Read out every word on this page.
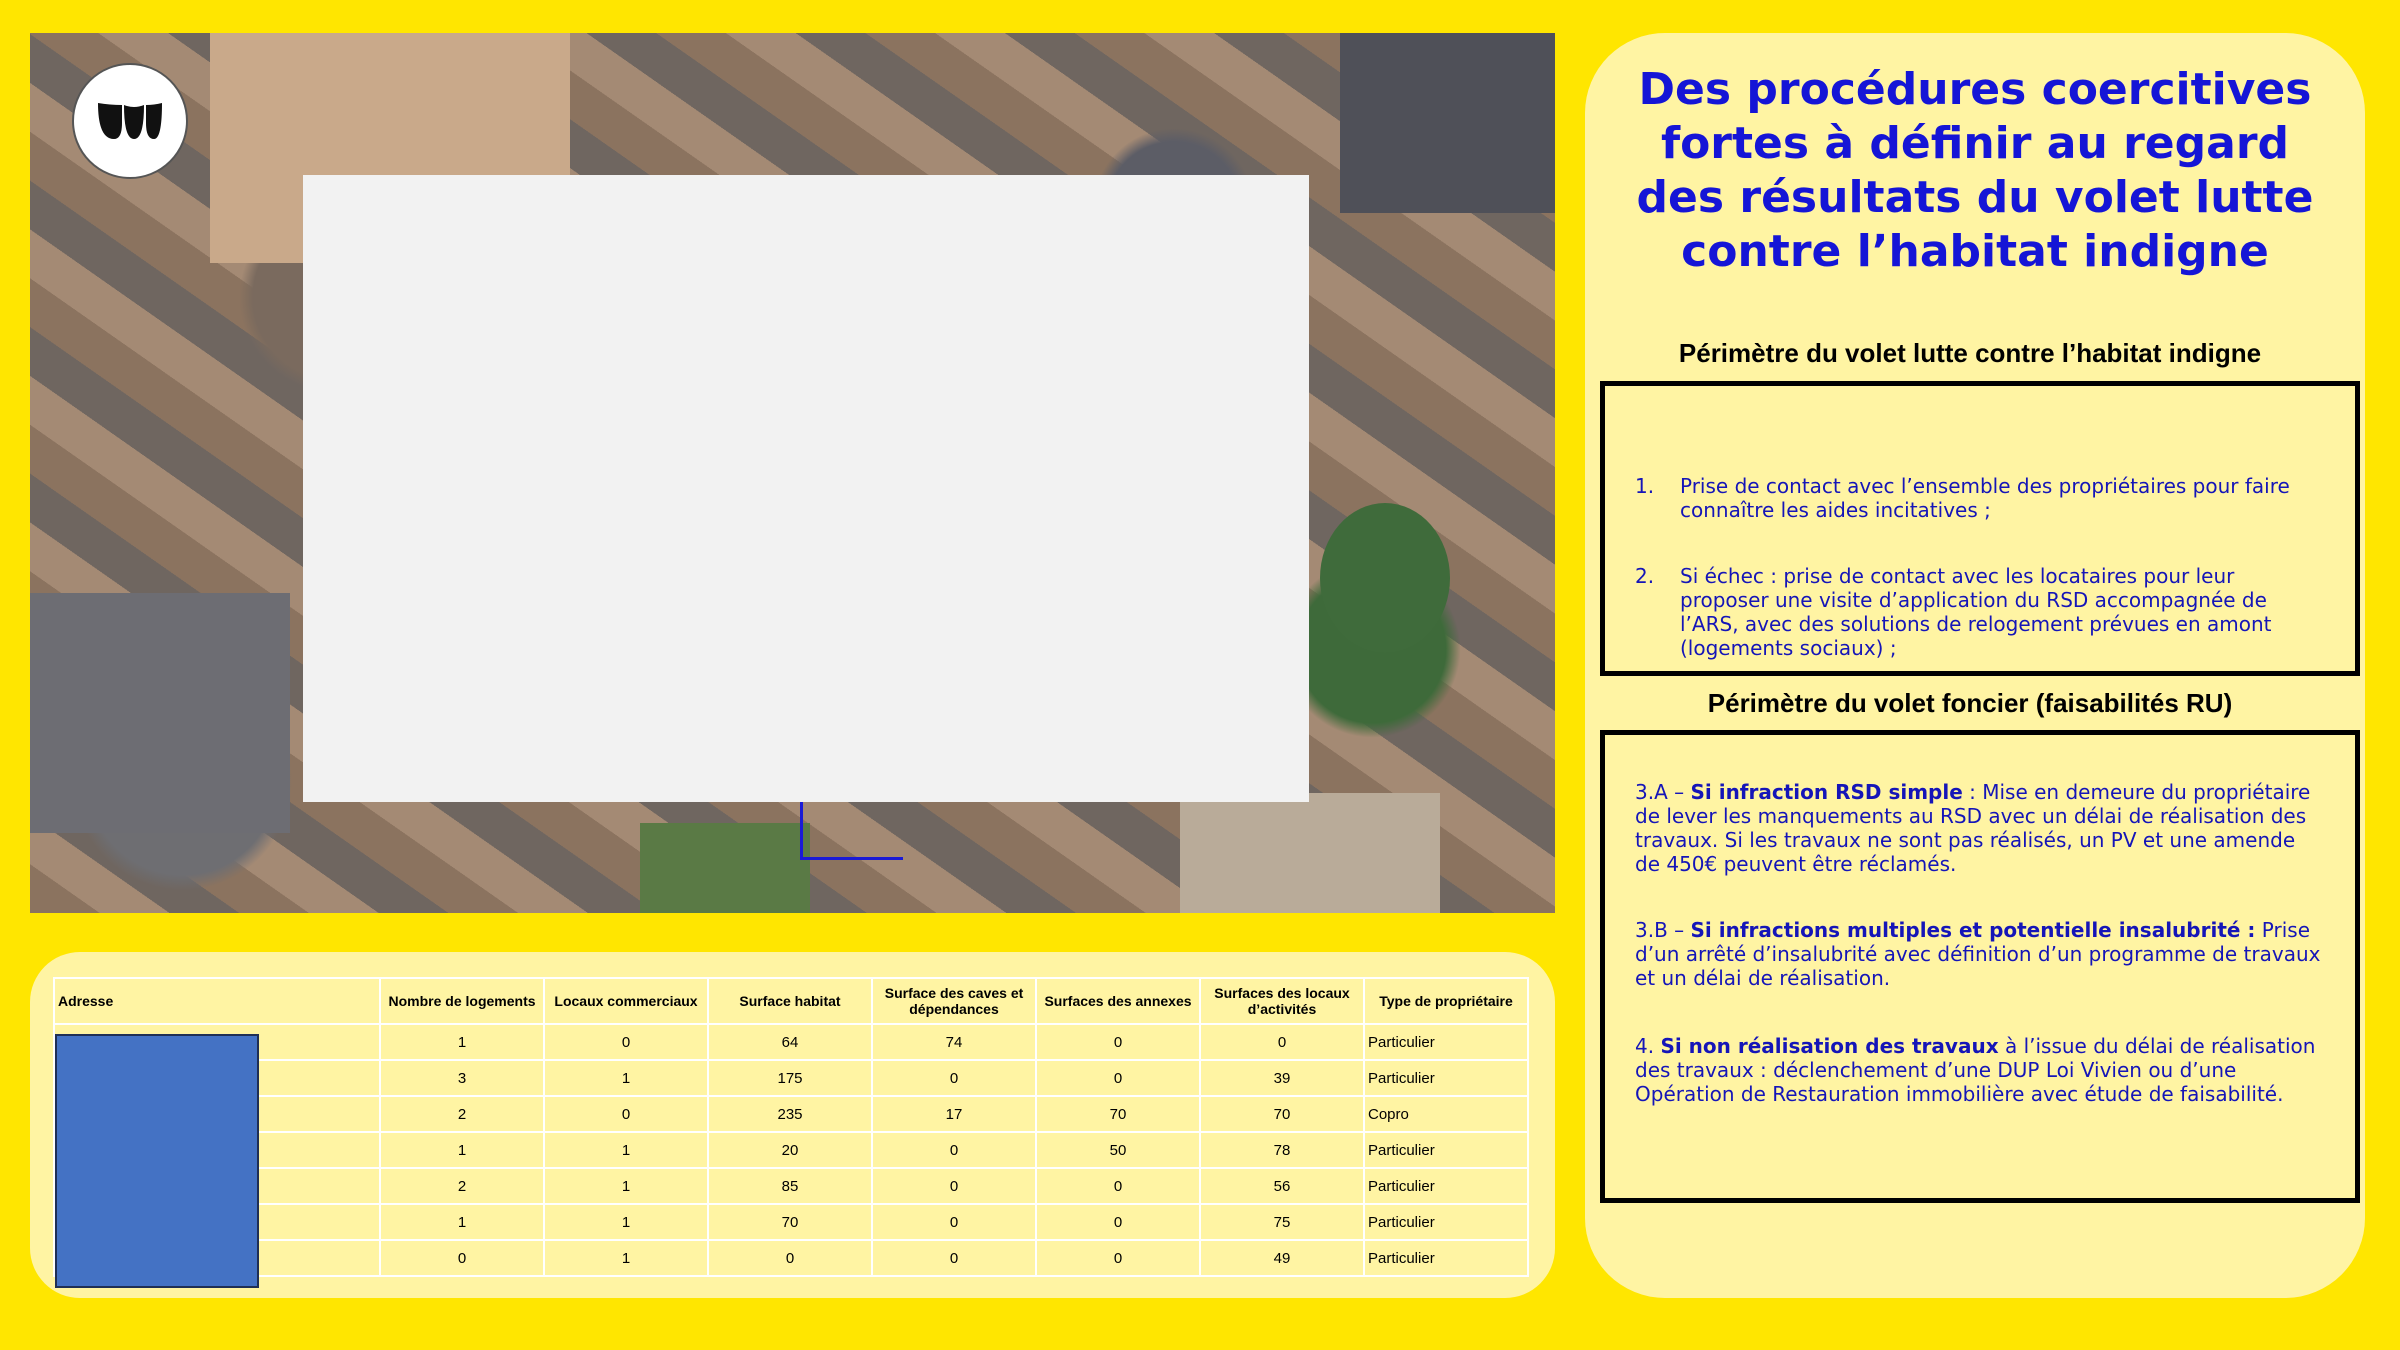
Adresse	Nombre de logements	Locaux commerciaux	Surface habitat	Surface des caves et dépendances	Surfaces des annexes	Surfaces des locaux d’activités	Type de propriétaire
	1	0	64	74	0	0	Particulier
	3	1	175	0	0	39	Particulier
	2	0	235	17	70	70	Copro
	1	1	20	0	50	78	Particulier
	2	1	85	0	0	56	Particulier
	1	1	70	0	0	75	Particulier
	0	1	0	0	0	49	Particulier
Des procédures coercitives fortes à définir au regard des résultats du volet lutte contre l’habitat indigne
Périmètre du volet lutte contre l’habitat indigne
1. Prise de contact avec l’ensemble des propriétaires pour faire connaître les aides incitatives ;
2. Si échec : prise de contact avec les locataires pour leur proposer une visite d’application du RSD accompagnée de l’ARS, avec des solutions de relogement prévues en amont (logements sociaux) ;
Périmètre du volet foncier (faisabilités RU)
3.A – Si infraction RSD simple : Mise en demeure du propriétaire de lever les manquements au RSD avec un délai de réalisation des travaux. Si les travaux ne sont pas réalisés, un PV et une amende de 450€ peuvent être réclamés.
3.B – Si infractions multiples et potentielle insalubrité : Prise d’un arrêté d’insalubrité avec définition d’un programme de travaux et un délai de réalisation.
4. Si non réalisation des travaux à l’issue du délai de réalisation des travaux : déclenchement d’une DUP Loi Vivien ou d’une Opération de Restauration immobilière avec étude de faisabilité.
